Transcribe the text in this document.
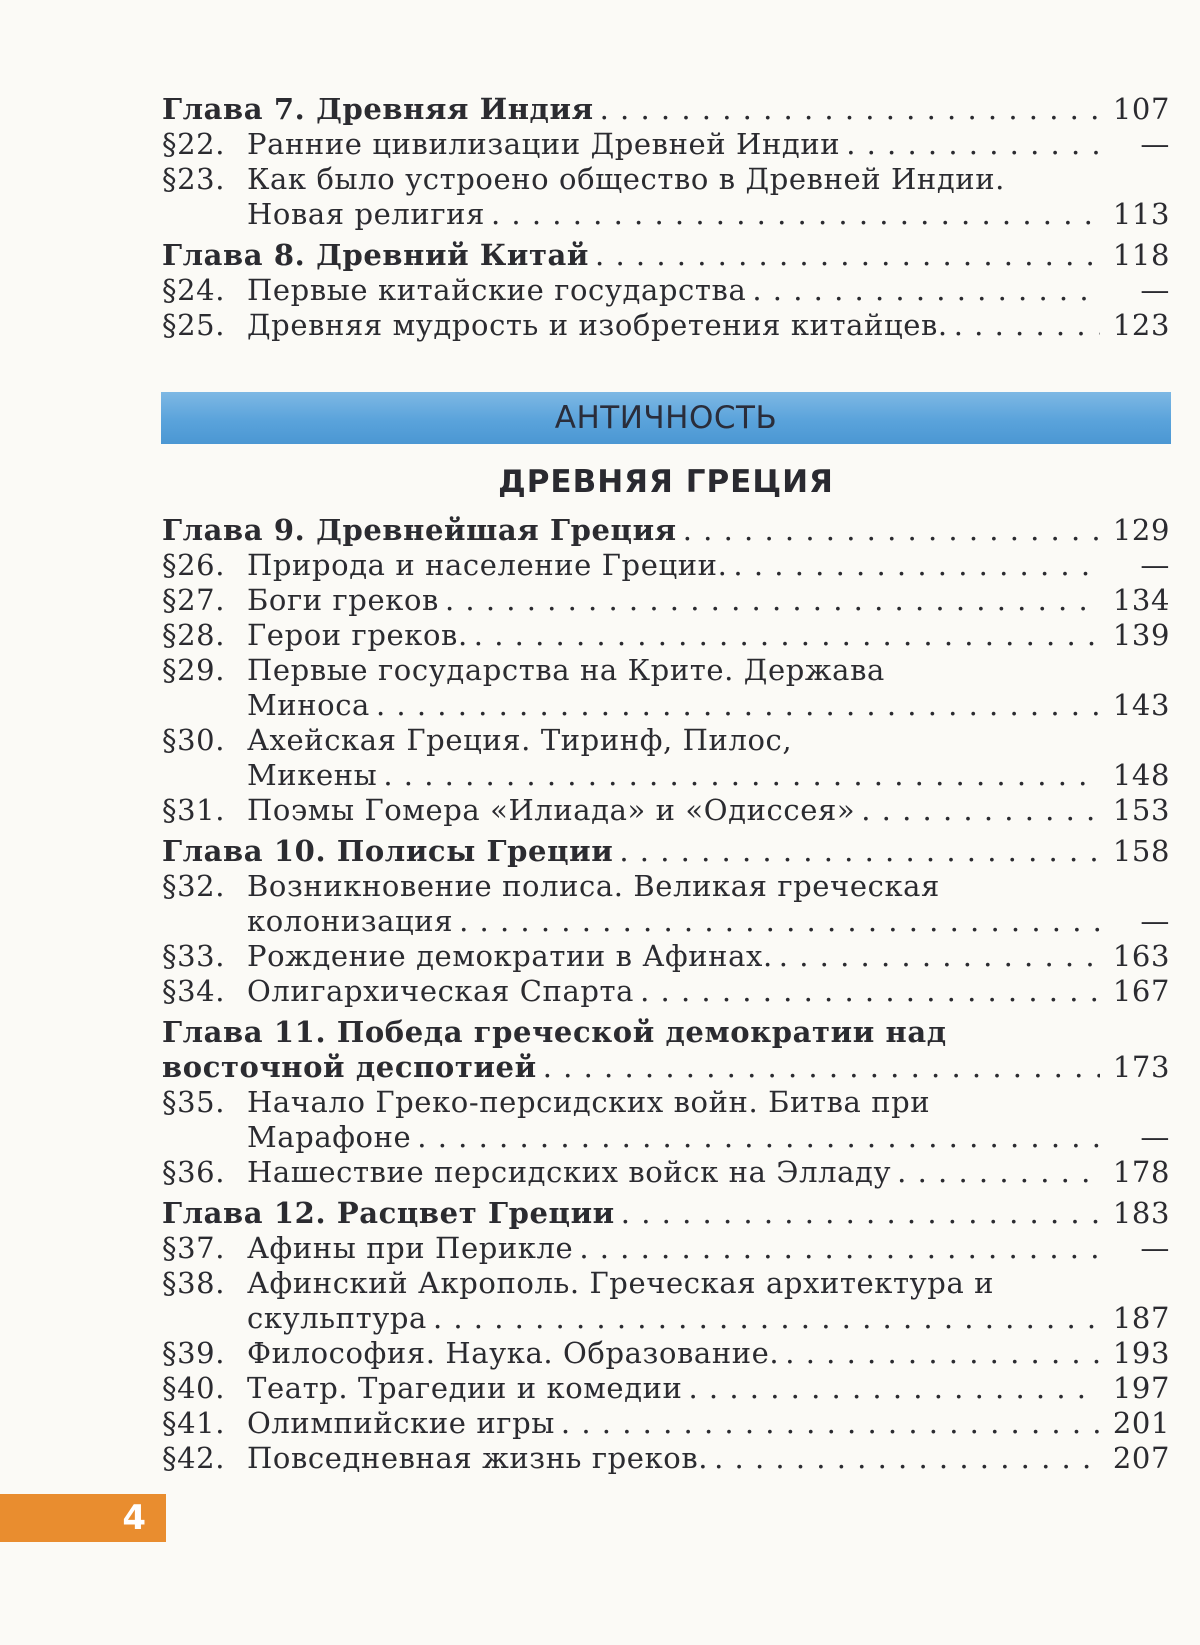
Глава 7. Древняя Индия . . .	107
§22. Ранние цивилизации Древней Индии . . .	—
§23. Как было устроено общество в Древней Индии.
Новая религия . . .	113
Глава 8. Древний Китай . . .	118
§24. Первые китайские государства . . .	—
§25. Древняя мудрость и изобретения китайцев. . . .	123
АНТИЧНОСТЬ
ДРЕВНЯЯ ГРЕЦИЯ
Глава 9. Древнейшая Греция . . .	129
§26. Природа и население Греции. . . .	—
§27. Боги греков . . .	134
§28. Герои греков. . . .	139
§29. Первые государства на Крите. Держава
Миноса . . .	143
§30. Ахейская Греция. Тиринф, Пилос,
Микены . . .	148
§31. Поэмы Гомера «Илиада» и «Одиссея» . . .	153
Глава 10. Полисы Греции . . .	158
§32. Возникновение полиса. Великая греческая
колонизация . . .	—
§33. Рождение демократии в Афинах. . . .	163
§34. Олигархическая Спарта . . .	167
Глава 11. Победа греческой демократии над
восточной деспотией . . .	173
§35. Начало Греко-персидских войн. Битва при
Марафоне . . .	—
§36. Нашествие персидских войск на Элладу . . .	178
Глава 12. Расцвет Греции . . .	183
§37. Афины при Перикле . . .	—
§38. Афинский Акрополь. Греческая архитектура и
скульптура . . .	187
§39. Философия. Наука. Образование. . . .	193
§40. Театр. Трагедии и комедии . . .	197
§41. Олимпийские игры . . .	201
§42. Повседневная жизнь греков. . . .	207
4
